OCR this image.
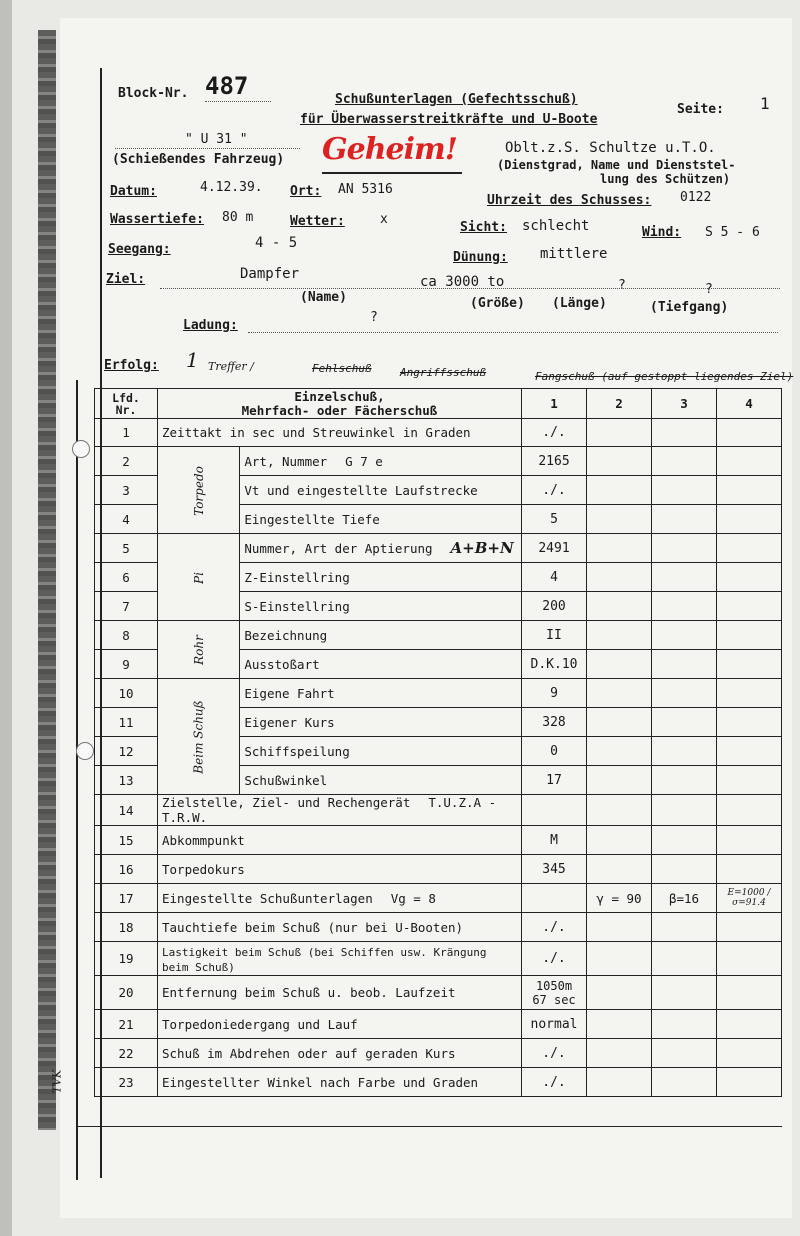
Block-Nr. 487	Schußunterlagen (Gefechtsschuß)
für Überwasserstreitkräfte und U-Boote
Seite: 1
" U 31 "
(Schießendes Fahrzeug) Geheim!	Oblt.z.S. Schultze u.T.O.
(Dienstgrad, Name und Dienststel-
lung des Schützen)
Datum:	4.12.39. Ort: AN 5316
Uhrzeit des Schusses: 0122
Wassertiefe: 80 m	Wetter:	x
Sicht: schlecht	Wind: S 5 - 6
Seegang:	4 - 5
Dünung: mittlere
Ziel:	Dampfer	ca 3000 to	?	?
(Name)	(Größe) (Länge)	(Tiefgang)
Ladung:
?
Erfolg: 1 Treffer /	Fehlschuß	Angriffsschuß	Fangschuß (auf gestoppt liegendes Ziel)
Lfd. Nr.	Einzelschuß,
Mehrfach- oder Fächerschuß		1	2	3	4
1	Zeittakt in sec und Streuwinkel in Graden		./.			
2	Torpedo	Art, Nummer G 7 e	2165			
3		Vt und eingestellte Laufstrecke	./.			
4		Eingestellte Tiefe	5			
5	Pi	Nummer, Art der Aptierung A+B+N	2491			
6		Z-Einstellring	4			
7		S-Einstellring	200			
8	Rohr	Bezeichnung	II			
9		Ausstoßart	D.K.10			
10	Beim Schuß	Eigene Fahrt	9			
11		Eigener Kurs	328			
12		Schiffspeilung	0			
13		Schußwinkel	17			
14	Zielstelle, Ziel- und Rechengerät T.U.Z.A - T.R.W.					
15	Abkommpunkt		M			
16	Torpedokurs		345			
17	Eingestellte Schußunterlagen Vg = 8			γ = 90	β=16	E=1000 / σ=91.4
18	Tauchtiefe beim Schuß (nur bei U-Booten)		./.			
19	Lastigkeit beim Schuß (bei Schiffen usw. Krängung beim Schuß)		./.			
20	Entfernung beim Schuß u. beob. Laufzeit		1050m 67 sec			
21	Torpedoniedergang und Lauf		normal			
22	Schuß im Abdrehen oder auf geraden Kurs		./.			
23	Eingestellter Winkel nach Farbe und Graden		./.			
TVK
